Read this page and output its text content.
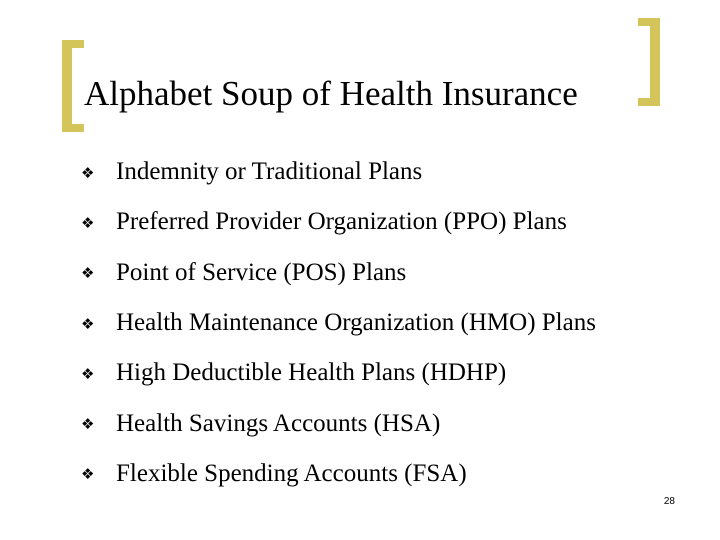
Alphabet Soup of Health Insurance
❖ Indemnity or Traditional Plans
❖ Preferred Provider Organization (PPO) Plans
❖ Point of Service (POS) Plans
❖ Health Maintenance Organization (HMO) Plans
❖ High Deductible Health Plans (HDHP)
❖ Health Savings Accounts (HSA)
❖ Flexible Spending Accounts (FSA)
28
